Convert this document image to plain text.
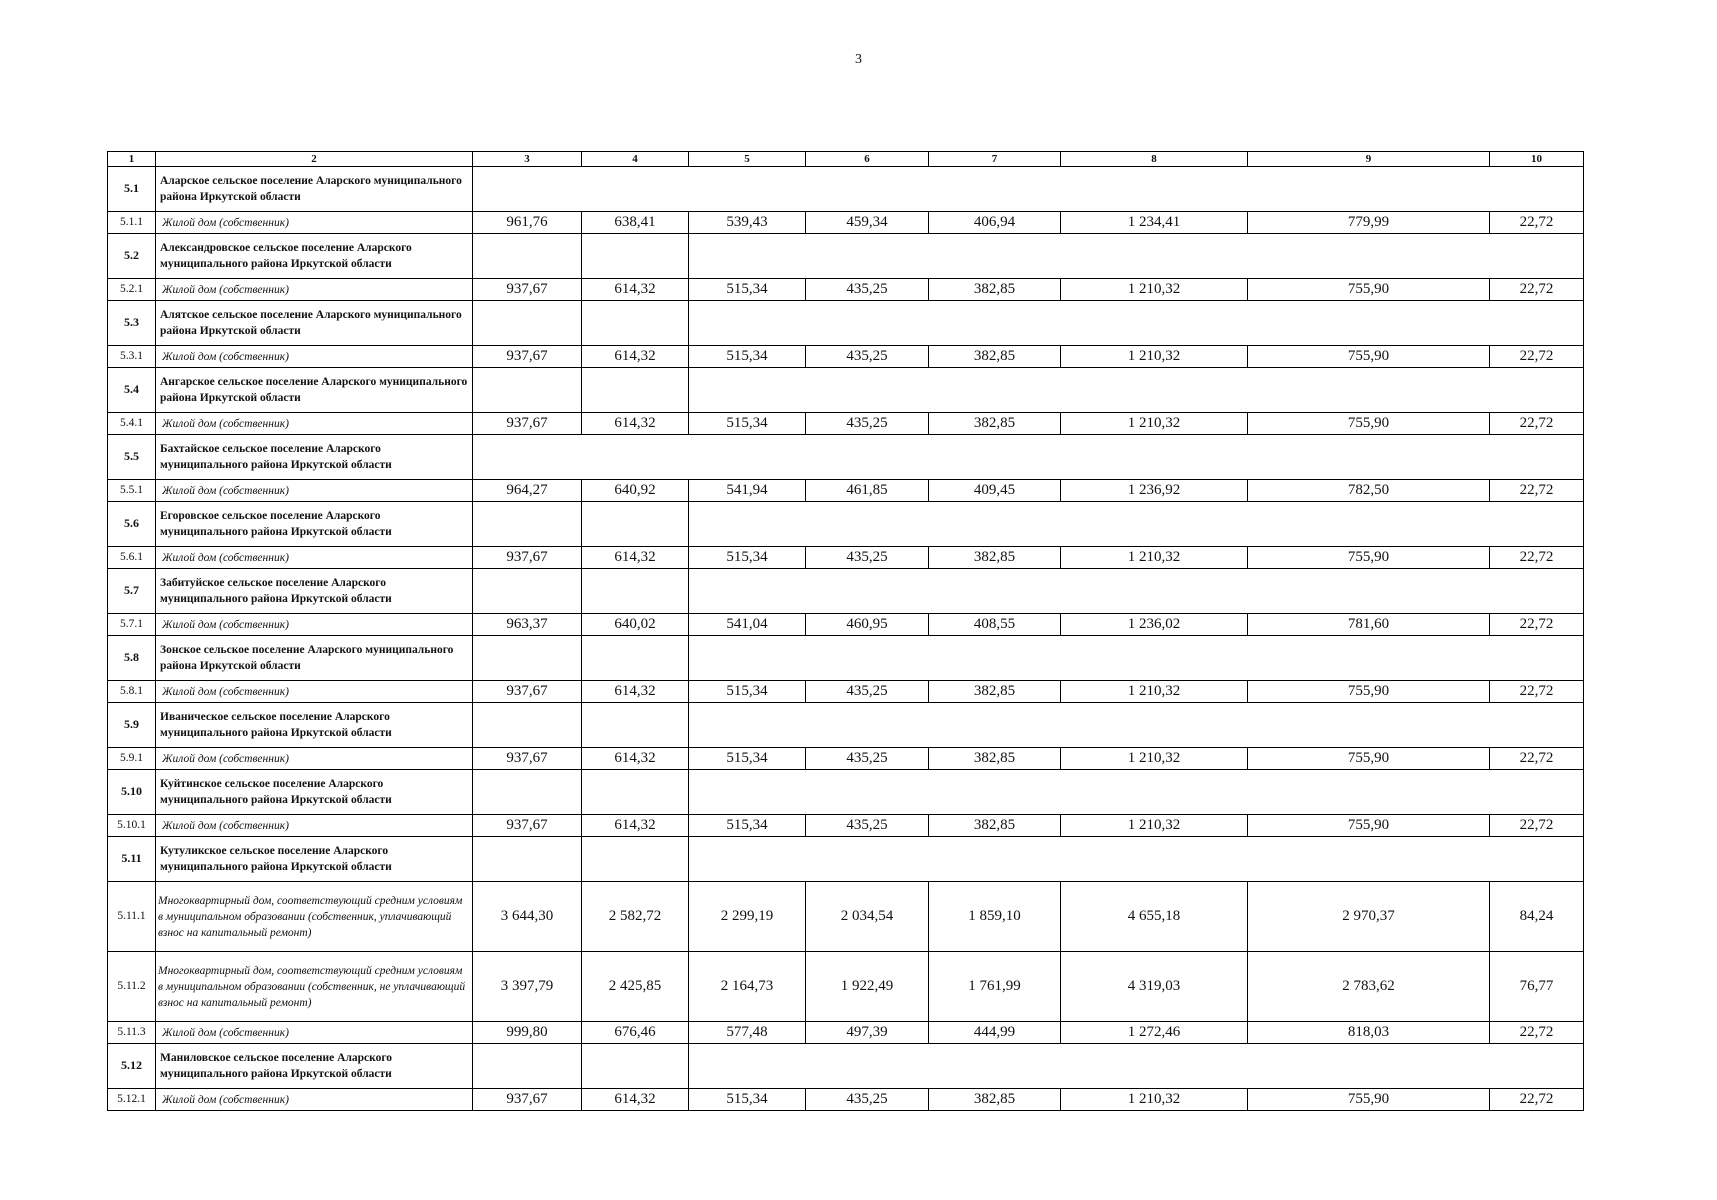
3
1	2	3	4	5	6	7	8	9	10
5.1	Аларское сельское поселение Аларского муниципального района Иркутской области								
5.1.1	Жилой дом (собственник)	961,76	638,41	539,43	459,34	406,94	1 234,41	779,99	22,72
5.2	Александровское сельское поселение Аларского муниципального района Иркутской области								
5.2.1	Жилой дом (собственник)	937,67	614,32	515,34	435,25	382,85	1 210,32	755,90	22,72
5.3	Алятское сельское поселение Аларского муниципального района Иркутской области								
5.3.1	Жилой дом (собственник)	937,67	614,32	515,34	435,25	382,85	1 210,32	755,90	22,72
5.4	Ангарское сельское поселение Аларского муниципального района Иркутской области								
5.4.1	Жилой дом (собственник)	937,67	614,32	515,34	435,25	382,85	1 210,32	755,90	22,72
5.5	Бахтайское сельское поселение Аларского муниципального района Иркутской области								
5.5.1	Жилой дом (собственник)	964,27	640,92	541,94	461,85	409,45	1 236,92	782,50	22,72
5.6	Егоровское сельское поселение Аларского муниципального района Иркутской области								
5.6.1	Жилой дом (собственник)	937,67	614,32	515,34	435,25	382,85	1 210,32	755,90	22,72
5.7	Забитуйское сельское поселение Аларского муниципального района Иркутской области								
5.7.1	Жилой дом (собственник)	963,37	640,02	541,04	460,95	408,55	1 236,02	781,60	22,72
5.8	Зонское сельское поселение Аларского муниципального района Иркутской области								
5.8.1	Жилой дом (собственник)	937,67	614,32	515,34	435,25	382,85	1 210,32	755,90	22,72
5.9	Иваническое сельское поселение Аларского муниципального района Иркутской области								
5.9.1	Жилой дом (собственник)	937,67	614,32	515,34	435,25	382,85	1 210,32	755,90	22,72
5.10	Куйтинское сельское поселение Аларского муниципального района Иркутской области								
5.10.1	Жилой дом (собственник)	937,67	614,32	515,34	435,25	382,85	1 210,32	755,90	22,72
5.11	Кутуликское сельское поселение Аларского муниципального района Иркутской области								
5.11.1	Многоквартирный дом, соответствующий средним условиям в муниципальном образовании (собственник, уплачивающий взнос на капитальный ремонт)	3 644,30	2 582,72	2 299,19	2 034,54	1 859,10	4 655,18	2 970,37	84,24
5.11.2	Многоквартирный дом, соответствующий средним условиям в муниципальном образовании (собственник, не уплачивающий взнос на капитальный ремонт)	3 397,79	2 425,85	2 164,73	1 922,49	1 761,99	4 319,03	2 783,62	76,77
5.11.3	Жилой дом (собственник)	999,80	676,46	577,48	497,39	444,99	1 272,46	818,03	22,72
5.12	Маниловское сельское поселение Аларского муниципального района Иркутской области								
5.12.1	Жилой дом (собственник)	937,67	614,32	515,34	435,25	382,85	1 210,32	755,90	22,72
